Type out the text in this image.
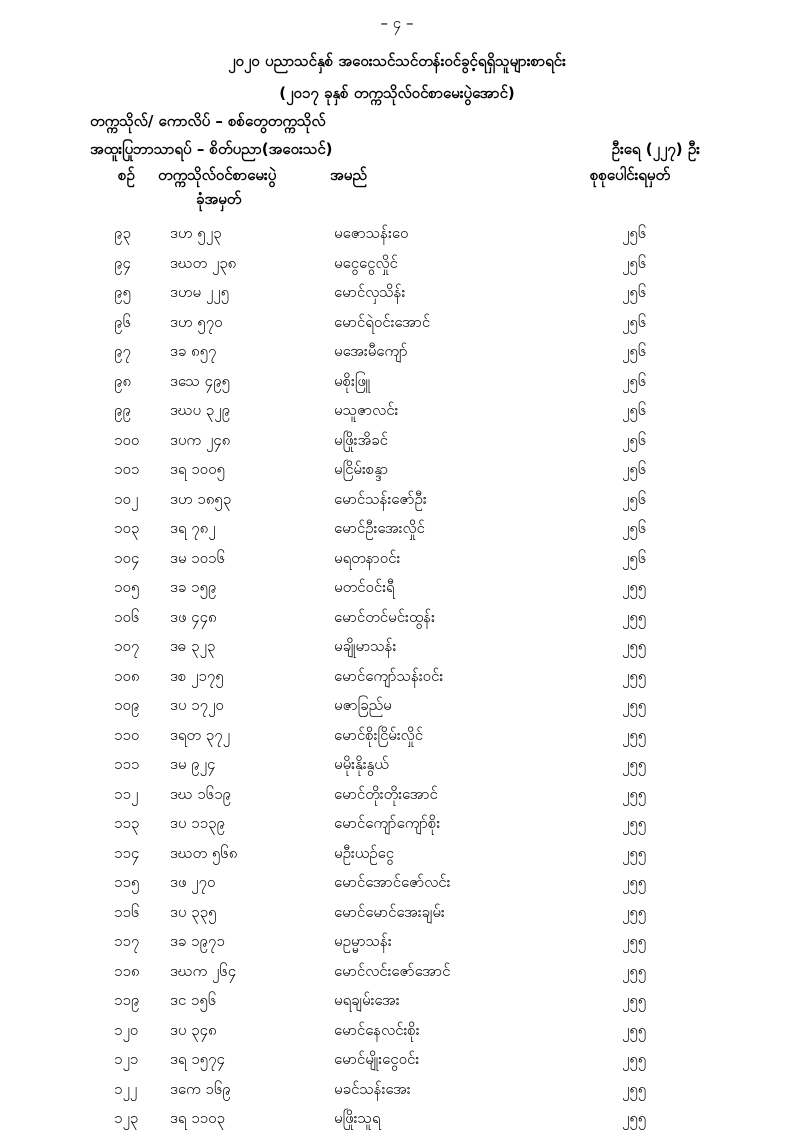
– ၄ –
၂၀၂၀ ပညာသင်နှစ် အဝေးသင်သင်တန်းဝင်ခွင့်ရရှိသူများစာရင်း
(၂၀၁၇ ခုနှစ် တက္ကသိုလ်ဝင်စာမေးပွဲအောင်)
တက္ကသိုလ်/ ကောလိပ် – စစ်တွေတက္ကသိုလ်
အထူးပြုဘာသာရပ် – စိတ်ပညာ(အဝေးသင်)	ဦးရေ (၂၂၇) ဦး
စဉ် တက္ကသိုလ်ဝင်စာမေးပွဲ
ခုံအမှတ်
အမည်	စုစုပေါင်းရမှတ်
၉၃	ဒဟ ၅၂၃	မဇောသန်းဝေ	၂၅၆
၉၄	ဒဃတ ၂၃၈	မငွေငွေလှိုင်	၂၅၆
၉၅	ဒဟမ ၂၂၅	မောင်လှသိန်း	၂၅၆
၉၆	ဒဟ ၅၇၀	မောင်ရဲ၀င်းအောင်	၂၅၆
၉၇	ဒခ ၈၅၇	မအေးမီကျော်	၂၅၆
၉၈	ဒသေ ၄၉၅	မစိုးဖြူ	၂၅၆
၉၉	ဒဃပ ၃၂၉	မသူဇာလင်း	၂၅၆
၁၀၀ ဒပက ၂၄၈	မဖြိုးအိခင်	၂၅၆
၁၀၁ ဒရ ၁၀၀၅	မငြိမ်းစန္ဒာ	၂၅၆
၁၀၂ ဒဟ ၁၈၅၃	မောင်သန်းဇော်ဦး	၂၅၆
၁၀၃ ဒရ ၇၈၂	မောင်ဦးအေးလှိုင်	၂၅၆
၁၀၄ ဒမ ၁၀၁၆	မရတနာဝင်း	၂၅၆
၁၀၅ ဒခ ၁၅၉	မတင်ဝင်းရီ	၂၅၅
၁၀၆ ဒဖ ၄၄၈	မောင်တင်မင်းထွန်း	၂၅၅
၁၀၇ ဒဓ ၃၂၃	မချိုမာသန်း	၂၅၅
၁၀၈ ဒစ ၂၁၇၅	မောင်ကျော်သန်းဝင်း	၂၅၅
၁၀၉ ဒပ ၁၇၂၀	မဇာခြည်မ	၂၅၅
၁၁၀ ဒရတ ၃၇၂	မောင်စိုးငြိမ်းလှိုင်	၂၅၅
၁၁၁ ဒမ ၉၂၄	မမိုးနိုးနွယ်	၂၅၅
၁၁၂ ဒဃ ၁၆၁၉	မောင်တိုးတိုးအောင်	၂၅၅
၁၁၃ ဒပ ၁၁၃၉	မောင်ကျော်ကျော်စိုး	၂၅၅
၁၁၄ ဒဃတ ၅၆၈	မဦးယဉ်ငွေ	၂၅၅
၁၁၅ ဒဖ ၂၇၀	မောင်အောင်ဇော်လင်း	၂၅၅
၁၁၆ ဒပ ၃၃၅	မောင်မောင်အေးချမ်း	၂၅၅
၁၁၇ ဒခ ၁၉၇၁	မဥမ္မာသန်း	၂၅၅
၁၁၈ ဒဃက ၂၆၄	မောင်လင်းဇော်အောင်	၂၅၅
၁၁၉ ဒင ၁၅၆	မရချမ်းအေး	၂၅၅
၁၂၀ ဒပ ၃၄၈	မောင်နေလင်းစိုး	၂၅၅
၁၂၁ ဒရ ၁၅၇၄	မောင်မျိုးငွေဝင်း	၂၅၅
၁၂၂ ဒကေ ၁၆၉	မခင်သန်းအေး	၂၅၅
၁၂၃ ဒရ ၁၁၀၃	မဖြိုးသူရ	၂၅၅
